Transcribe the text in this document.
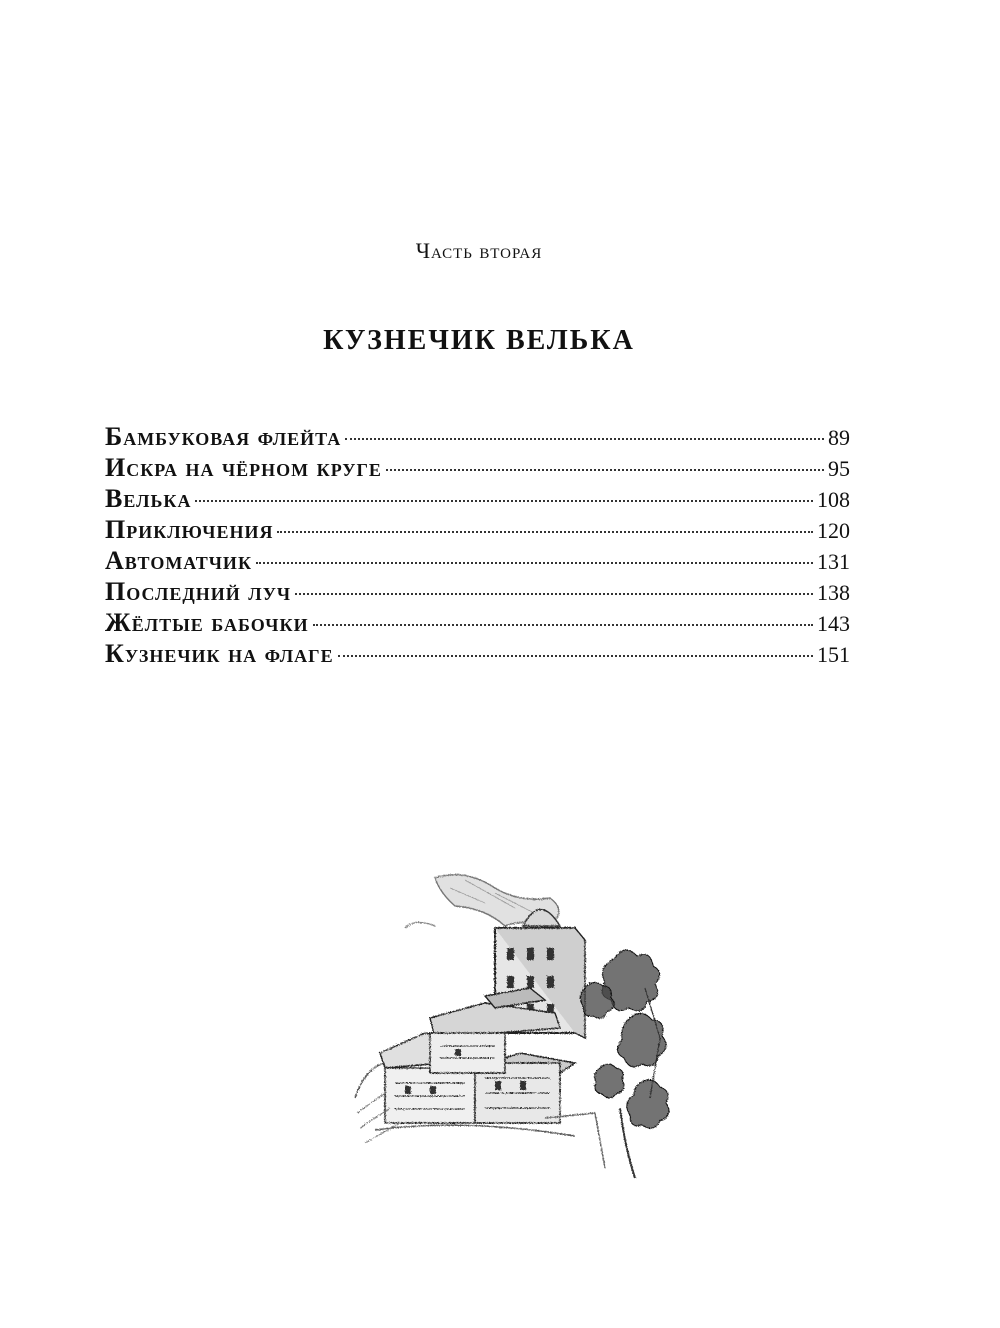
Часть вторая
КУЗНЕЧИК ВЕЛЬКА
Бамбуковая флейта	89
Искра на чёрном круге	95
Велька	108
Приключения	120
Автоматчик	131
Последний луч	138
Жёлтые бабочки	143
Кузнечик на флаге	151
